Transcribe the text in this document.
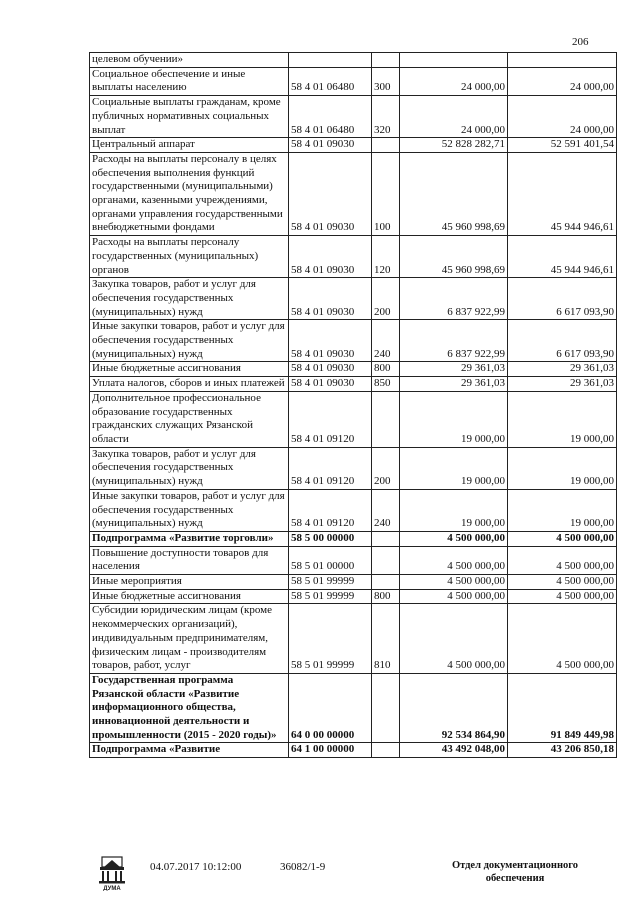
206
целевом обучении»				
Социальное обеспечение и иные выплаты населению	58 4 01 06480	300	24 000,00	24 000,00
Социальные выплаты гражданам, кроме публичных нормативных социальных выплат	58 4 01 06480	320	24 000,00	24 000,00
Центральный аппарат	58 4 01 09030		52 828 282,71	52 591 401,54
Расходы на выплаты персоналу в целях обеспечения выполнения функций государственными (муниципальными) органами, казенными учреждениями, органами управления государственными внебюджетными фондами	58 4 01 09030	100	45 960 998,69	45 944 946,61
Расходы на выплаты персоналу государственных (муниципальных) органов	58 4 01 09030	120	45 960 998,69	45 944 946,61
Закупка товаров, работ и услуг для обеспечения государственных (муниципальных) нужд	58 4 01 09030	200	6 837 922,99	6 617 093,90
Иные закупки товаров, работ и услуг для обеспечения государственных (муниципальных) нужд	58 4 01 09030	240	6 837 922,99	6 617 093,90
Иные бюджетные ассигнования	58 4 01 09030	800	29 361,03	29 361,03
Уплата налогов, сборов и иных платежей	58 4 01 09030	850	29 361,03	29 361,03
Дополнительное профессиональное образование государственных гражданских служащих Рязанской области	58 4 01 09120		19 000,00	19 000,00
Закупка товаров, работ и услуг для обеспечения государственных (муниципальных) нужд	58 4 01 09120	200	19 000,00	19 000,00
Иные закупки товаров, работ и услуг для обеспечения государственных (муниципальных) нужд	58 4 01 09120	240	19 000,00	19 000,00
Подпрограмма «Развитие торговли»	58 5 00 00000		4 500 000,00	4 500 000,00
Повышение доступности товаров для населения	58 5 01 00000		4 500 000,00	4 500 000,00
Иные мероприятия	58 5 01 99999		4 500 000,00	4 500 000,00
Иные бюджетные ассигнования	58 5 01 99999	800	4 500 000,00	4 500 000,00
Субсидии юридическим лицам (кроме некоммерческих организаций), индивидуальным предпринимателям, физическим лицам - производителям товаров, работ, услуг	58 5 01 99999	810	4 500 000,00	4 500 000,00
Государственная программа Рязанской области «Развитие информационного общества, инновационной деятельности и промышленности (2015 - 2020 годы)»	64 0 00 00000		92 534 864,90	91 849 449,98
Подпрограмма «Развитие	64 1 00 00000		43 492 048,00	43 206 850,18
ДУМА
04.07.2017 10:12:00	36082/1-9	Отдел документационного обеспечения
